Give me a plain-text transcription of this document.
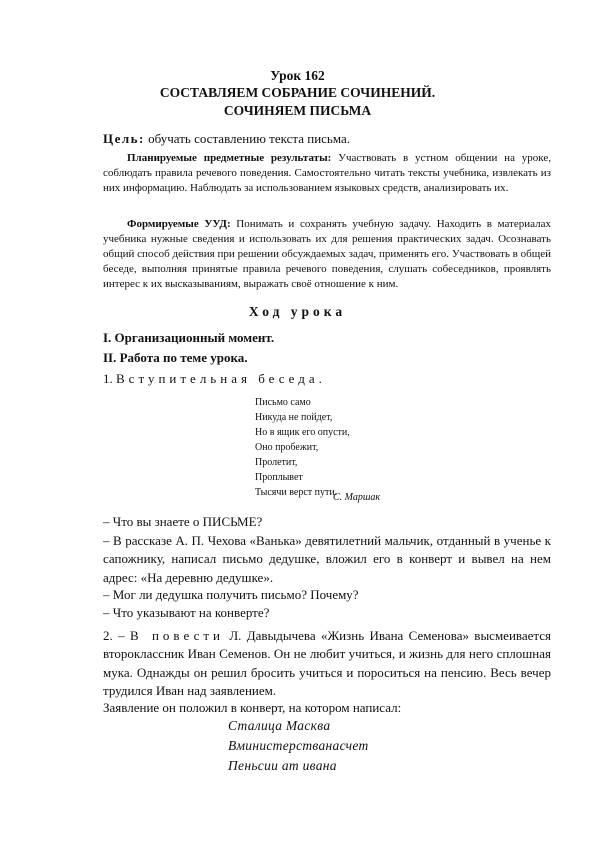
Урок 162
СОСТАВЛЯЕМ СОБРАНИЕ СОЧИНЕНИЙ.
СОЧИНЯЕМ ПИСЬМА
Цель: обучать составлению текста письма.
Планируемые предметные результаты: Участвовать в устном общении на уроке, соблюдать правила речевого поведения. Самостоятельно читать тексты учебника, извлекать из них информацию. Наблюдать за использованием языковых средств, анализировать их.
Формируемые УУД: Понимать и сохранять учебную задачу. Находить в материалах учебника нужные сведения и использовать их для решения практических задач. Осознавать общий способ действия при решении обсуждаемых задач, применять его. Участвовать в общей беседе, выполняя принятые правила речевого поведения, слушать собеседников, проявлять интерес к их высказываниям, выражать своё отношение к ним.
Ход урока
I. Организационный момент.
II. Работа по теме урока.
1. Вступительная беседа.
Письмо само
Никуда не пойдет,
Но в ящик его опусти,
Оно пробежит,
Пролетит,
Проплывет
Тысячи верст пути.
С. Маршак
– Что вы знаете о ПИСЬМЕ?
– В рассказе А. П. Чехова «Ванька» девятилетний мальчик, отданный в ученье к сапожнику, написал письмо дедушке, вложил его в конверт и вывел на нем адрес: «На деревню дедушке».
– Мог ли дедушка получить письмо? Почему?
– Что указывают на конверте?
2. – В повести Л. Давыдычева «Жизнь Ивана Семенова» высмеивается второклассник Иван Семенов. Он не любит учиться, и жизнь для него сплошная мука. Однажды он решил бросить учиться и пороситься на пенсию. Весь вечер трудился Иван над заявлением.
Заявление он положил в конверт, на котором написал:
Сталица Масква
Вминистерстванасчет
Пеньсии ат ивана
